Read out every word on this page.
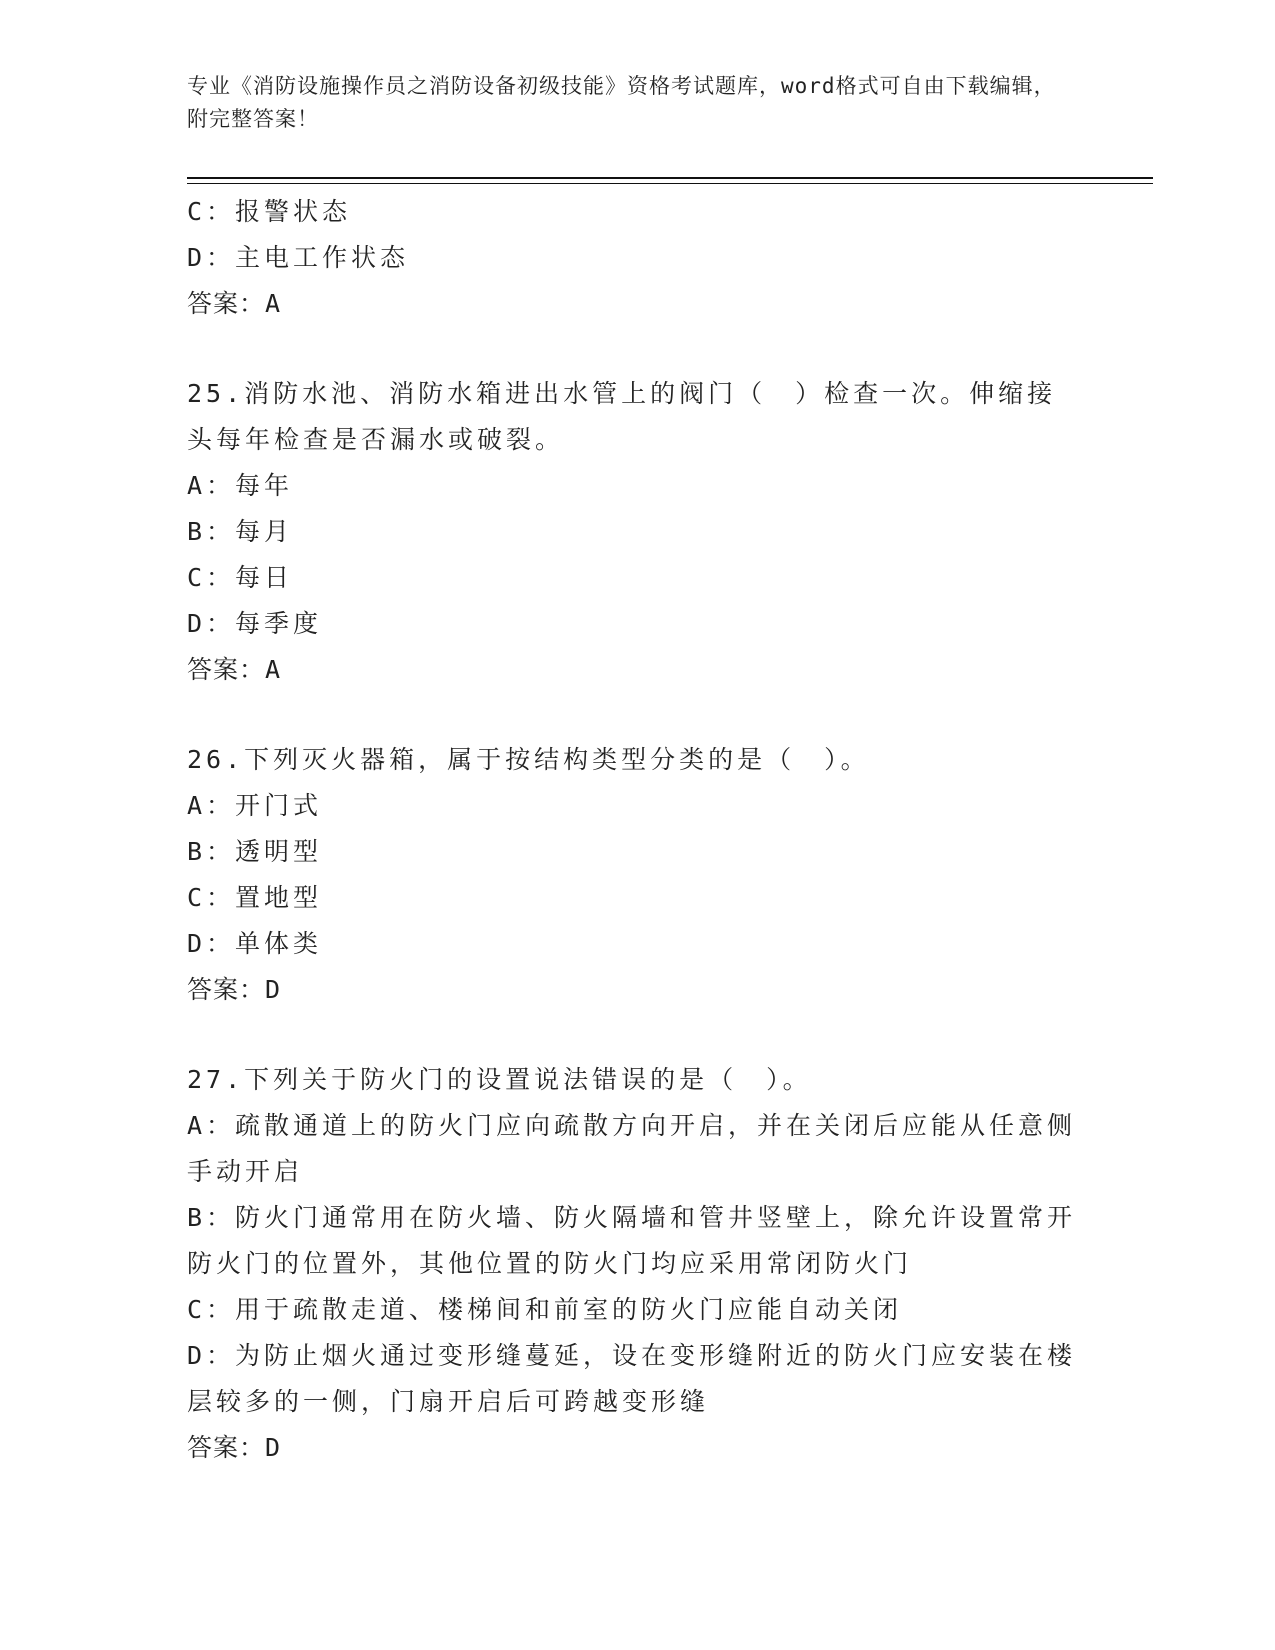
专业《消防设施操作员之消防设备初级技能》资格考试题库，word格式可自由下载编辑，附完整答案！

C：报警状态

D：主电工作状态

答案：A

25.消防水池、消防水箱进出水管上的阀门（　）检查一次。伸缩接头每年检查是否漏水或破裂。

A：每年

B：每月

C：每日

D：每季度

答案：A

26.下列灭火器箱，属于按结构类型分类的是（　）。

A：开门式

B：透明型

C：置地型

D：单体类

答案：D

27.下列关于防火门的设置说法错误的是（　）。

A：疏散通道上的防火门应向疏散方向开启，并在关闭后应能从任意侧手动开启

B：防火门通常用在防火墙、防火隔墙和管井竖壁上，除允许设置常开防火门的位置外，其他位置的防火门均应采用常闭防火门

C：用于疏散走道、楼梯间和前室的防火门应能自动关闭

D：为防止烟火通过变形缝蔓延，设在变形缝附近的防火门应安装在楼层较多的一侧，门扇开启后可跨越变形缝

答案：D
